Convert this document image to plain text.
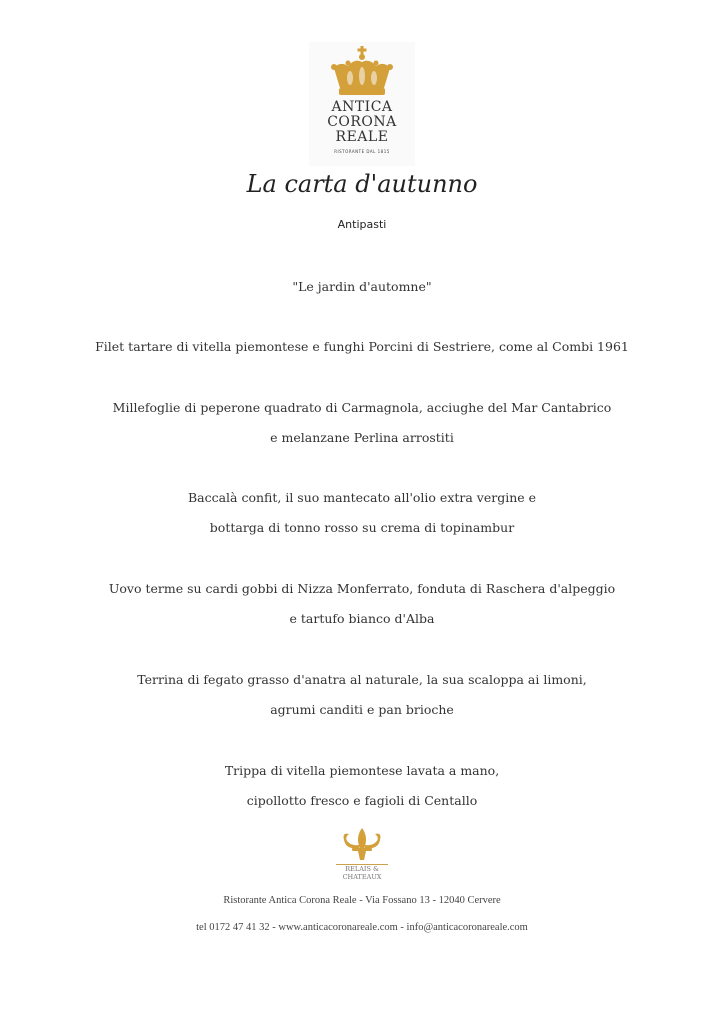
ANTICA
CORONA
REALE
RISTORANTE DAL 1815
La carta d'autunno
Antipasti
"Le jardin d'automne"
Filet tartare di vitella piemontese e funghi Porcini di Sestriere, come al Combi 1961
Millefoglie di peperone quadrato di Carmagnola, acciughe del Mar Cantabrico
e melanzane Perlina arrostiti
Baccalà confit, il suo mantecato all'olio extra vergine e
bottarga di tonno rosso su crema di topinambur
Uovo terme su cardi gobbi di Nizza Monferrato, fonduta di Raschera d'alpeggio
e tartufo bianco d'Alba
Terrina di fegato grasso d'anatra al naturale, la sua scaloppa ai limoni,
agrumi canditi e pan brioche
Trippa di vitella piemontese lavata a mano,
cipollotto fresco e fagioli di Centallo
RELAIS &
CHATEAUX
Ristorante Antica Corona Reale - Via Fossano 13 - 12040 Cervere
tel 0172 47 41 32 - www.anticacoronareale.com - info@anticacoronareale.com
